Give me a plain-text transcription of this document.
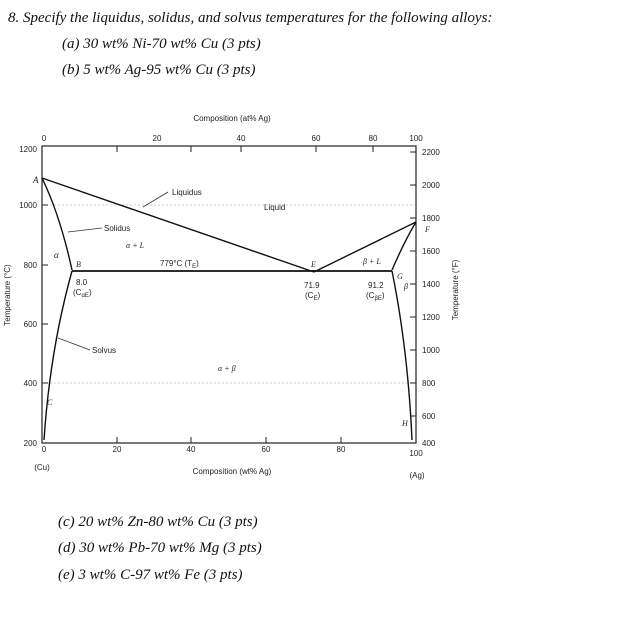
Composition (at% Ag)
0	20	40	60	80	100
0	20	40	60	80	100
(Cu)	Composition (wt% Ag)	(Ag)
1200
1000
800
600
400
200
Temperature (°C)
2200
2000
1800
1600
1400
1200
1000
800
600
400
Temperature (°F)
Liquidus
Liquid
Solidus
Solvus
α
α + L
β + L
α + β
β
779°C $(T_E)$
A
B
C
E
F
G
H
8.0
$(C_{\alpha E})$
71.9
$(C_E)$
91.2
$(C_{\beta E})$
8. Specify the liquidus, solidus, and solvus temperatures for the following alloys:
(a) 30 wt% Ni-70 wt% Cu (3 pts)
(b) 5 wt% Ag-95 wt% Cu (3 pts)
(c) 20 wt% Zn-80 wt% Cu (3 pts)
(d) 30 wt% Pb-70 wt% Mg (3 pts)
(e) 3 wt% C-97 wt% Fe (3 pts)
